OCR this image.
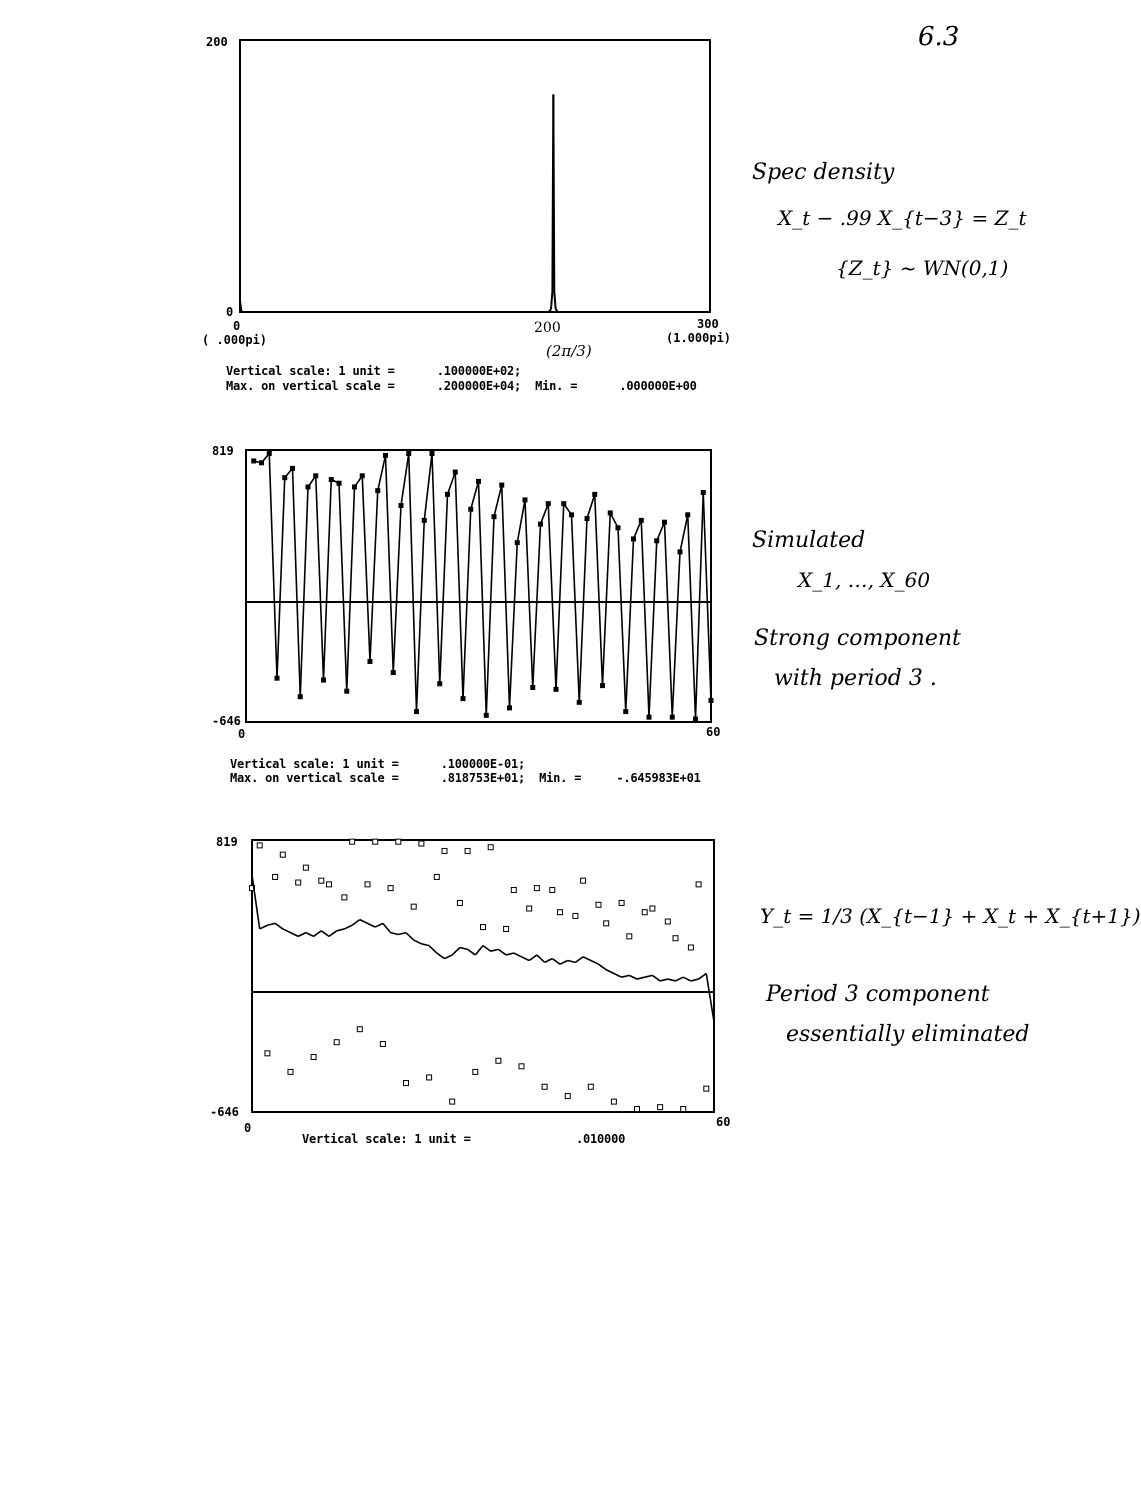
6.3
200
0
0
( .000pi)
200
(2π/3)
300
(1.000pi)
Vertical scale: 1 unit =      .100000E+02;
Max. on vertical scale =      .200000E+04;  Min. =      .000000E+00
819
-646
0	60
Vertical scale: 1 unit =      .100000E-01;
Max. on vertical scale =      .818753E+01;  Min. =     -.645983E+01
819
-646
0	60
Vertical scale: 1 unit =               .010000
Spec density
X_t − .99 X_{t−3} = Z_t
{Z_t} ~ WN(0,1)
Simulated
X_1, …, X_60
Strong component
with period 3 .
Y_t = 1/3 (X_{t−1} + X_t + X_{t+1})
Period 3 component
essentially eliminated
